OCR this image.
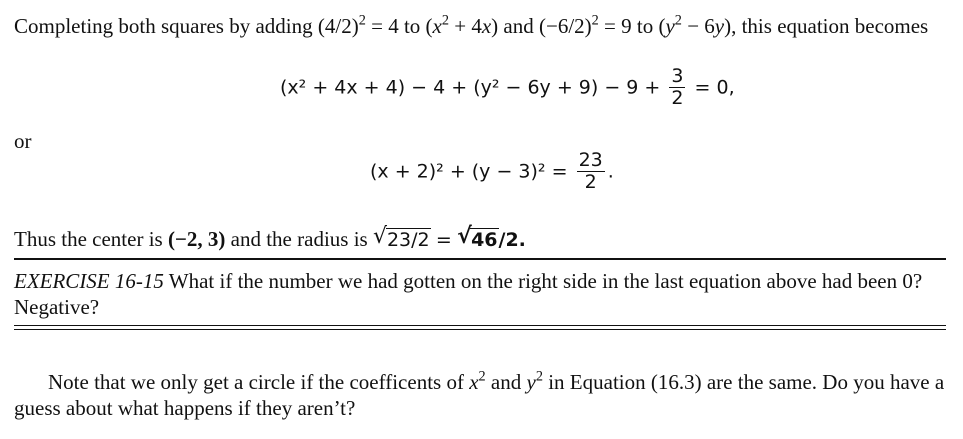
Completing both squares by adding $(4/2)^2 = 4$ to $(x^2 + 4x)$ and $(-6/2)^2 = 9$ to $(y^2 - 6y)$, this equation becomes
$(x^2 + 4x + 4) - 4 + (y^2 - 6y + 9) - 9 + \frac{3}{2} = 0$,
or
$(x + 2)^2 + (y - 3)^2 = \frac{23}{2}$ .
Thus the center is (−2, 3) and the radius is √ 23/2 = √ 46/2.
EXERCISE 16-15 What if the number we had gotten on the right side in the last equation above had been 0? Negative?
Note that we only get a circle if the coefficents of $x^2$ and $y^2$ in Equation (16.3) are the same. Do you have a guess about what happens if they aren’t?
